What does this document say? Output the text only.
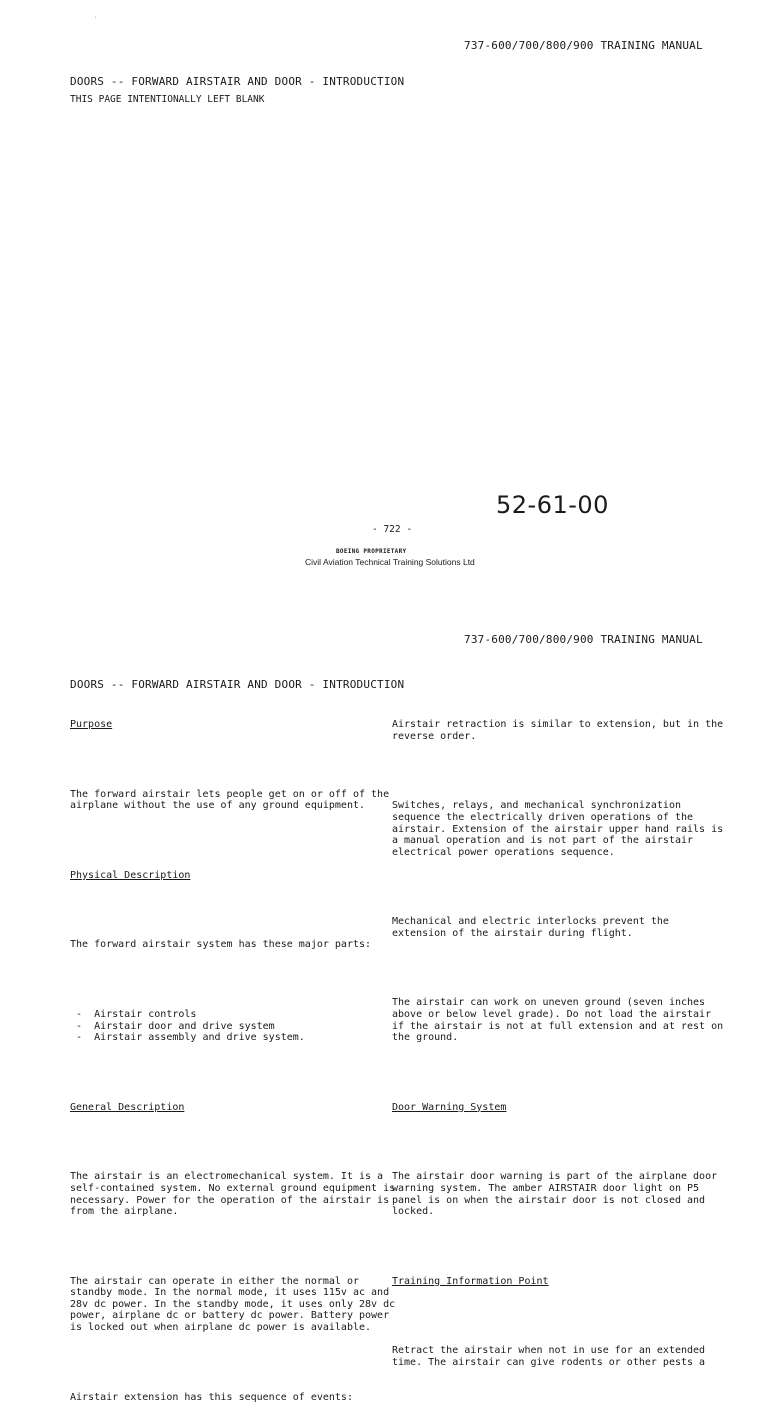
'
737-600/700/800/900 TRAINING MANUAL
DOORS -- FORWARD AIRSTAIR AND DOOR - INTRODUCTION
THIS PAGE INTENTIONALLY LEFT BLANK
52-61-00
- 722 -
BOEING PROPRIETARY
Civil Aviation Technical Training Solutions Ltd
737-600/700/800/900 TRAINING MANUAL
DOORS -- FORWARD AIRSTAIR AND DOOR - INTRODUCTION

Purpose

The forward airstair lets people get on or off of the
airplane without the use of any ground equipment.

Physical Description

The forward airstair system has these major parts:

-  Airstair controls
-  Airstair door and drive system
-  Airstair assembly and drive system.

General Description

The airstair is an electromechanical system. It is a
self-contained system. No external ground equipment is
necessary. Power for the operation of the airstair is
from the airplane.

The airstair can operate in either the normal or
standby mode. In the normal mode, it uses 115v ac and
28v dc power. In the standby mode, it uses only 28v dc
power, airplane dc or battery dc power. Battery power
is locked out when airplane dc power is available.

Airstair extension has this sequence of events:

Airstair retraction is similar to extension, but in the
reverse order.

Switches, relays, and mechanical synchronization
sequence the electrically driven operations of the
airstair. Extension of the airstair upper hand rails is
a manual operation and is not part of the airstair
electrical power operations sequence.

Mechanical and electric interlocks prevent the
extension of the airstair during flight.

The airstair can work on uneven ground (seven inches
above or below level grade). Do not load the airstair
if the airstair is not at full extension and at rest on
the ground.

Door Warning System

The airstair door warning is part of the airplane door
warning system. The amber AIRSTAIR door light on P5
panel is on when the airstair door is not closed and
locked.

Training Information Point

Retract the airstair when not in use for an extended
time. The airstair can give rodents or other pests a
